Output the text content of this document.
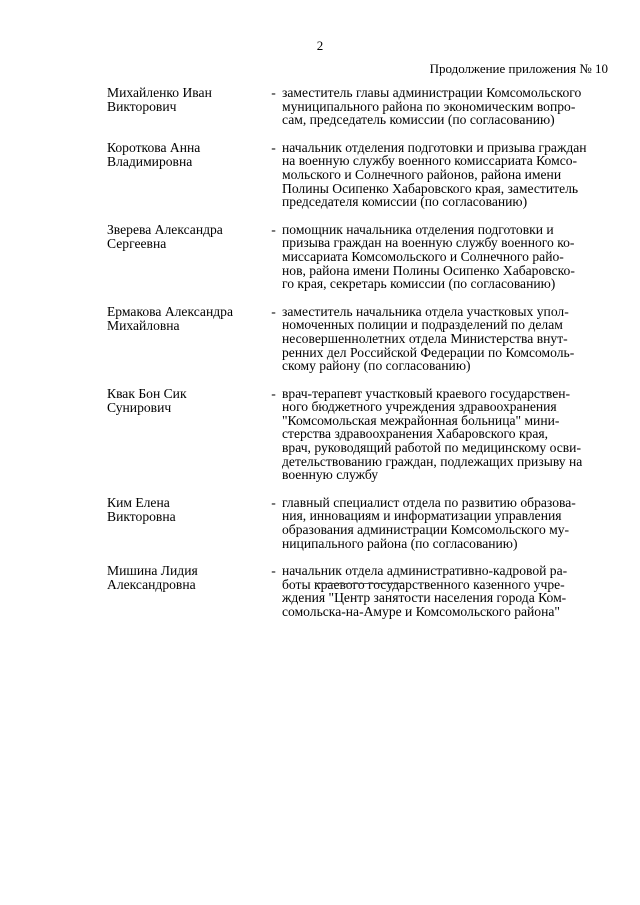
2
Продолжение приложения № 10
Михайленко Иван
Викторович
- заместитель главы администрации Комсомольского
муниципального района по экономическим вопро-
сам, председатель комиссии (по согласованию)
Короткова Анна
Владимировна
- начальник отделения подготовки и призыва граждан
на военную службу военного комиссариата Комсо-
мольского и Солнечного районов, района имени
Полины Осипенко Хабаровского края, заместитель
председателя комиссии (по согласованию)
Зверева Александра
Сергеевна
- помощник начальника отделения подготовки и
призыва граждан на военную службу военного ко-
миссариата Комсомольского и Солнечного райо-
нов, района имени Полины Осипенко Хабаровско-
го края, секретарь комиссии (по согласованию)
Ермакова Александра
Михайловна
- заместитель начальника отдела участковых упол-
номоченных полиции и подразделений по делам
несовершеннолетних отдела Министерства внут-
ренних дел Российской Федерации по Комсомоль-
скому району (по согласованию)
Квак Бон Сик
Сунирович
- врач-терапевт участковый краевого государствен-
ного бюджетного учреждения здравоохранения
"Комсомольская межрайонная больница" мини-
стерства здравоохранения Хабаровского края,
врач, руководящий работой по медицинскому осви-
детельствованию граждан, подлежащих призыву на
военную службу
Ким Елена
Викторовна
- главный специалист отдела по развитию образова-
ния, инновациям и информатизации управления
образования администрации Комсомольского му-
ниципального района (по согласованию)
Мишина Лидия
Александровна
- начальник отдела административно-кадровой ра-
боты краевого государственного казенного учре-
ждения "Центр занятости населения города Ком-
сомольска-на-Амуре и Комсомольского района"
